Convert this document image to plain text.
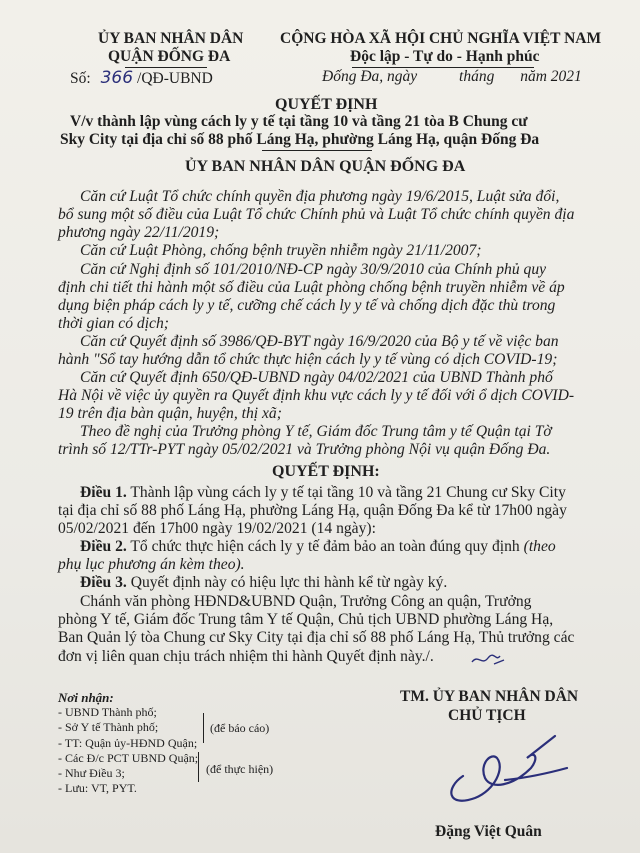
ỦY BAN NHÂN DÂN
QUẬN ĐỐNG ĐA
Số: 366 /QĐ-UBND
CỘNG HÒA XÃ HỘI CHỦ NGHĨA VIỆT NAM
Độc lập - Tự do - Hạnh phúc
Đống Đa, ngày	tháng năm 2021
QUYẾT ĐỊNH
V/v thành lập vùng cách ly y tế tại tầng 10 và tầng 21 tòa B Chung cư
Sky City tại địa chỉ số 88 phố Láng Hạ, phường Láng Hạ, quận Đống Đa
ỦY BAN NHÂN DÂN QUẬN ĐỐNG ĐA
Căn cứ Luật Tổ chức chính quyền địa phương ngày 19/6/2015, Luật sửa đổi,
bổ sung một số điều của Luật Tổ chức Chính phủ và Luật Tổ chức chính quyền địa
phương ngày 22/11/2019;
Căn cứ Luật Phòng, chống bệnh truyền nhiễm ngày 21/11/2007;
Căn cứ Nghị định số 101/2010/NĐ-CP ngày 30/9/2010 của Chính phủ quy
định chi tiết thi hành một số điều của Luật phòng chống bệnh truyền nhiễm về áp
dụng biện pháp cách ly y tế, cưỡng chế cách ly y tế và chống dịch đặc thù trong
thời gian có dịch;
Căn cứ Quyết định số 3986/QĐ-BYT ngày 16/9/2020 của Bộ y tế về việc ban
hành "Sổ tay hướng dẫn tổ chức thực hiện cách ly y tế vùng có dịch COVID-19;
Căn cứ Quyết định 650/QĐ-UBND ngày 04/02/2021 của UBND Thành phố
Hà Nội về việc ủy quyền ra Quyết định khu vực cách ly y tế đối với ổ dịch COVID-
19 trên địa bàn quận, huyện, thị xã;
Theo đề nghị của Trưởng phòng Y tế, Giám đốc Trung tâm y tế Quận tại Tờ
trình số 12/TTr-PYT ngày 05/02/2021 và Trưởng phòng Nội vụ quận Đống Đa.
QUYẾT ĐỊNH:
Điều 1. Thành lập vùng cách ly y tế tại tầng 10 và tầng 21 Chung cư Sky City
tại địa chỉ số 88 phố Láng Hạ, phường Láng Hạ, quận Đống Đa kể từ 17h00 ngày
05/02/2021 đến 17h00 ngày 19/02/2021 (14 ngày):
Điều 2. Tổ chức thực hiện cách ly y tế đảm bảo an toàn đúng quy định (theo
phụ lục phương án kèm theo).
Điều 3. Quyết định này có hiệu lực thi hành kể từ ngày ký.
Chánh văn phòng HĐND&UBND Quận, Trưởng Công an quận, Trưởng
phòng Y tế, Giám đốc Trung tâm Y tế Quận, Chủ tịch UBND phường Láng Hạ,
Ban Quản lý tòa Chung cư Sky City tại địa chỉ số 88 phố Láng Hạ, Thủ trưởng các
đơn vị liên quan chịu trách nhiệm thi hành Quyết định này./.
Nơi nhận:
- UBND Thành phố;
- Sở Y tế Thành phố;
- TT: Quận ủy-HĐND Quận;
- Các Đ/c PCT UBND Quận;
- Như Điều 3;
- Lưu: VT, PYT.
(để báo cáo)
(để thực hiện)
TM. ỦY BAN NHÂN DÂN
CHỦ TỊCH
Đặng Việt Quân
